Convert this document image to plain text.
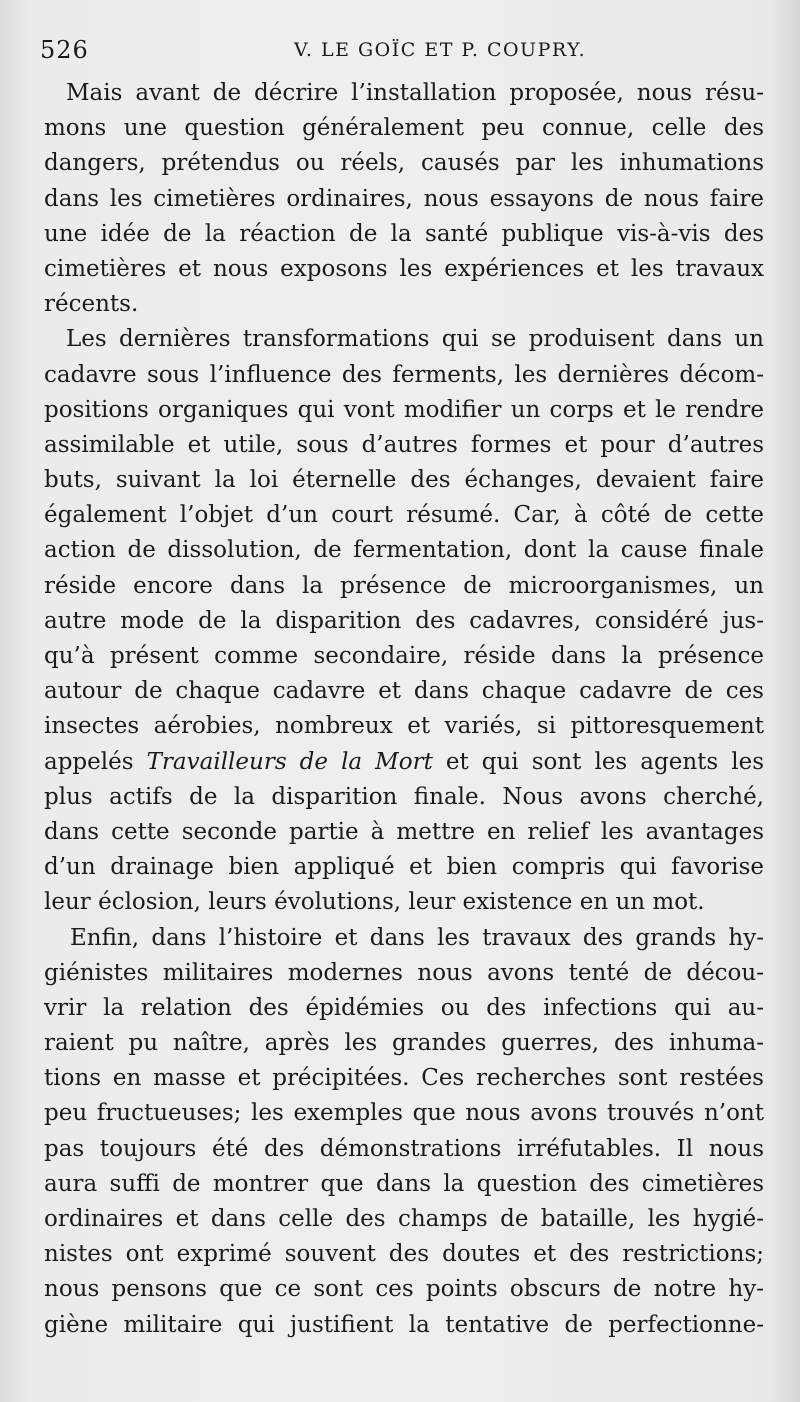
526	V. LE GOÏC ET P. COUPRY.
Mais avant de décrire l’installation proposée, nous résu-
mons une question généralement peu connue, celle des
dangers, prétendus ou réels, causés par les inhumations
dans les cimetières ordinaires, nous essayons de nous faire
une idée de la réaction de la santé publique vis-à-vis des
cimetières et nous exposons les expériences et les travaux
récents.
Les dernières transformations qui se produisent dans un
cadavre sous l’influence des ferments, les dernières décom-
positions organiques qui vont modifier un corps et le rendre
assimilable et utile, sous d’autres formes et pour d’autres
buts, suivant la loi éternelle des échanges, devaient faire
également l’objet d’un court résumé. Car, à côté de cette
action de dissolution, de fermentation, dont la cause finale
réside encore dans la présence de microorganismes, un
autre mode de la disparition des cadavres, considéré jus-
qu’à présent comme secondaire, réside dans la présence
autour de chaque cadavre et dans chaque cadavre de ces
insectes aérobies, nombreux et variés, si pittoresquement
appelés Travailleurs de la Mort et qui sont les agents les
plus actifs de la disparition finale. Nous avons cherché,
dans cette seconde partie à mettre en relief les avantages
d’un drainage bien appliqué et bien compris qui favorise
leur éclosion, leurs évolutions, leur existence en un mot.
Enfin, dans l’histoire et dans les travaux des grands hy-
giénistes militaires modernes nous avons tenté de décou-
vrir la relation des épidémies ou des infections qui au-
raient pu naître, après les grandes guerres, des inhuma-
tions en masse et précipitées. Ces recherches sont restées
peu fructueuses; les exemples que nous avons trouvés n’ont
pas toujours été des démonstrations irréfutables. Il nous
aura suffi de montrer que dans la question des cimetières
ordinaires et dans celle des champs de bataille, les hygié-
nistes ont exprimé souvent des doutes et des restrictions;
nous pensons que ce sont ces points obscurs de notre hy-
giène militaire qui justifient la tentative de perfectionne-
